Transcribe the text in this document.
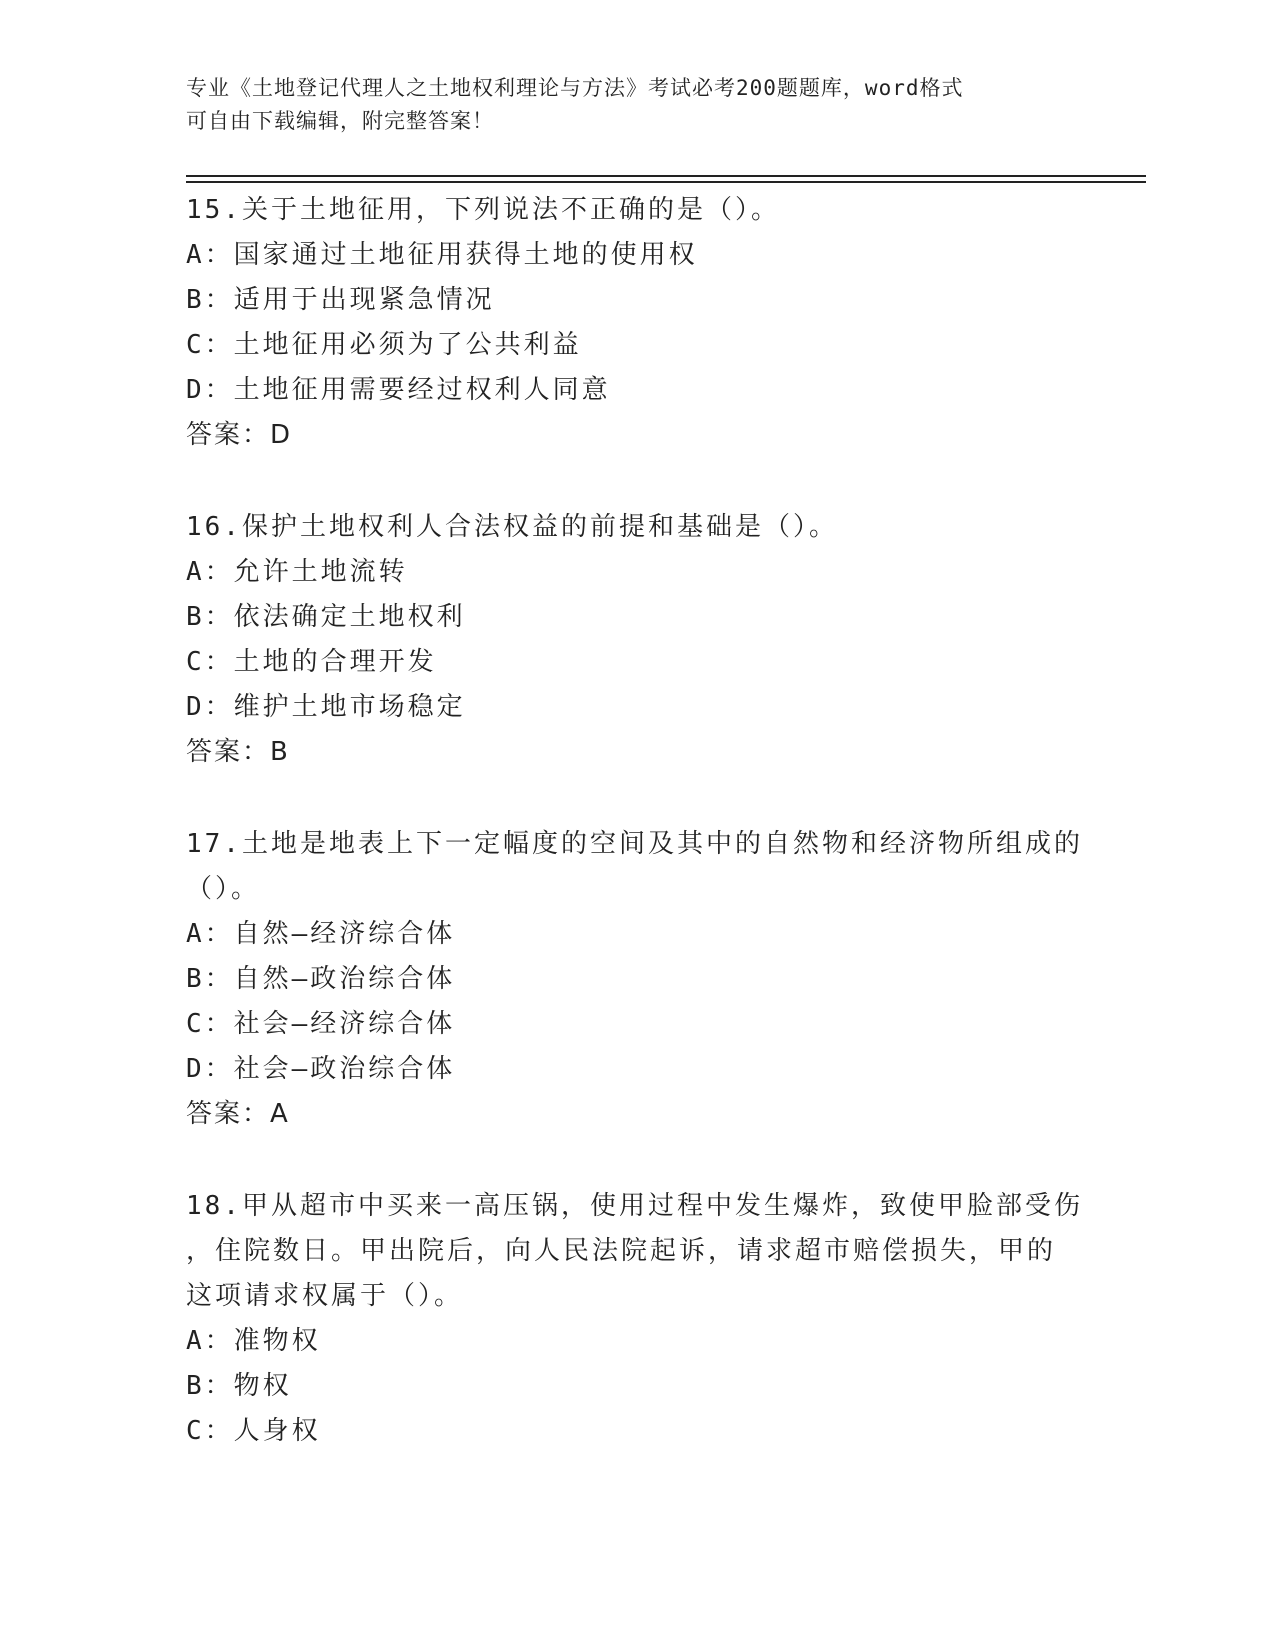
专业《土地登记代理人之土地权利理论与方法》考试必考200题题库，word格式
可自由下载编辑，附完整答案！
15.关于土地征用，下列说法不正确的是（）。
A：国家通过土地征用获得土地的使用权
B：适用于出现紧急情况
C：土地征用必须为了公共利益
D：土地征用需要经过权利人同意
答案：D
16.保护土地权利人合法权益的前提和基础是（）。
A：允许土地流转
B：依法确定土地权利
C：土地的合理开发
D：维护土地市场稳定
答案：B
17.土地是地表上下一定幅度的空间及其中的自然物和经济物所组成的
（）。
A：自然—经济综合体
B：自然—政治综合体
C：社会—经济综合体
D：社会—政治综合体
答案：A
18.甲从超市中买来一高压锅，使用过程中发生爆炸，致使甲脸部受伤
，住院数日。甲出院后，向人民法院起诉，请求超市赔偿损失，甲的
这项请求权属于（）。
A：准物权
B：物权
C：人身权
